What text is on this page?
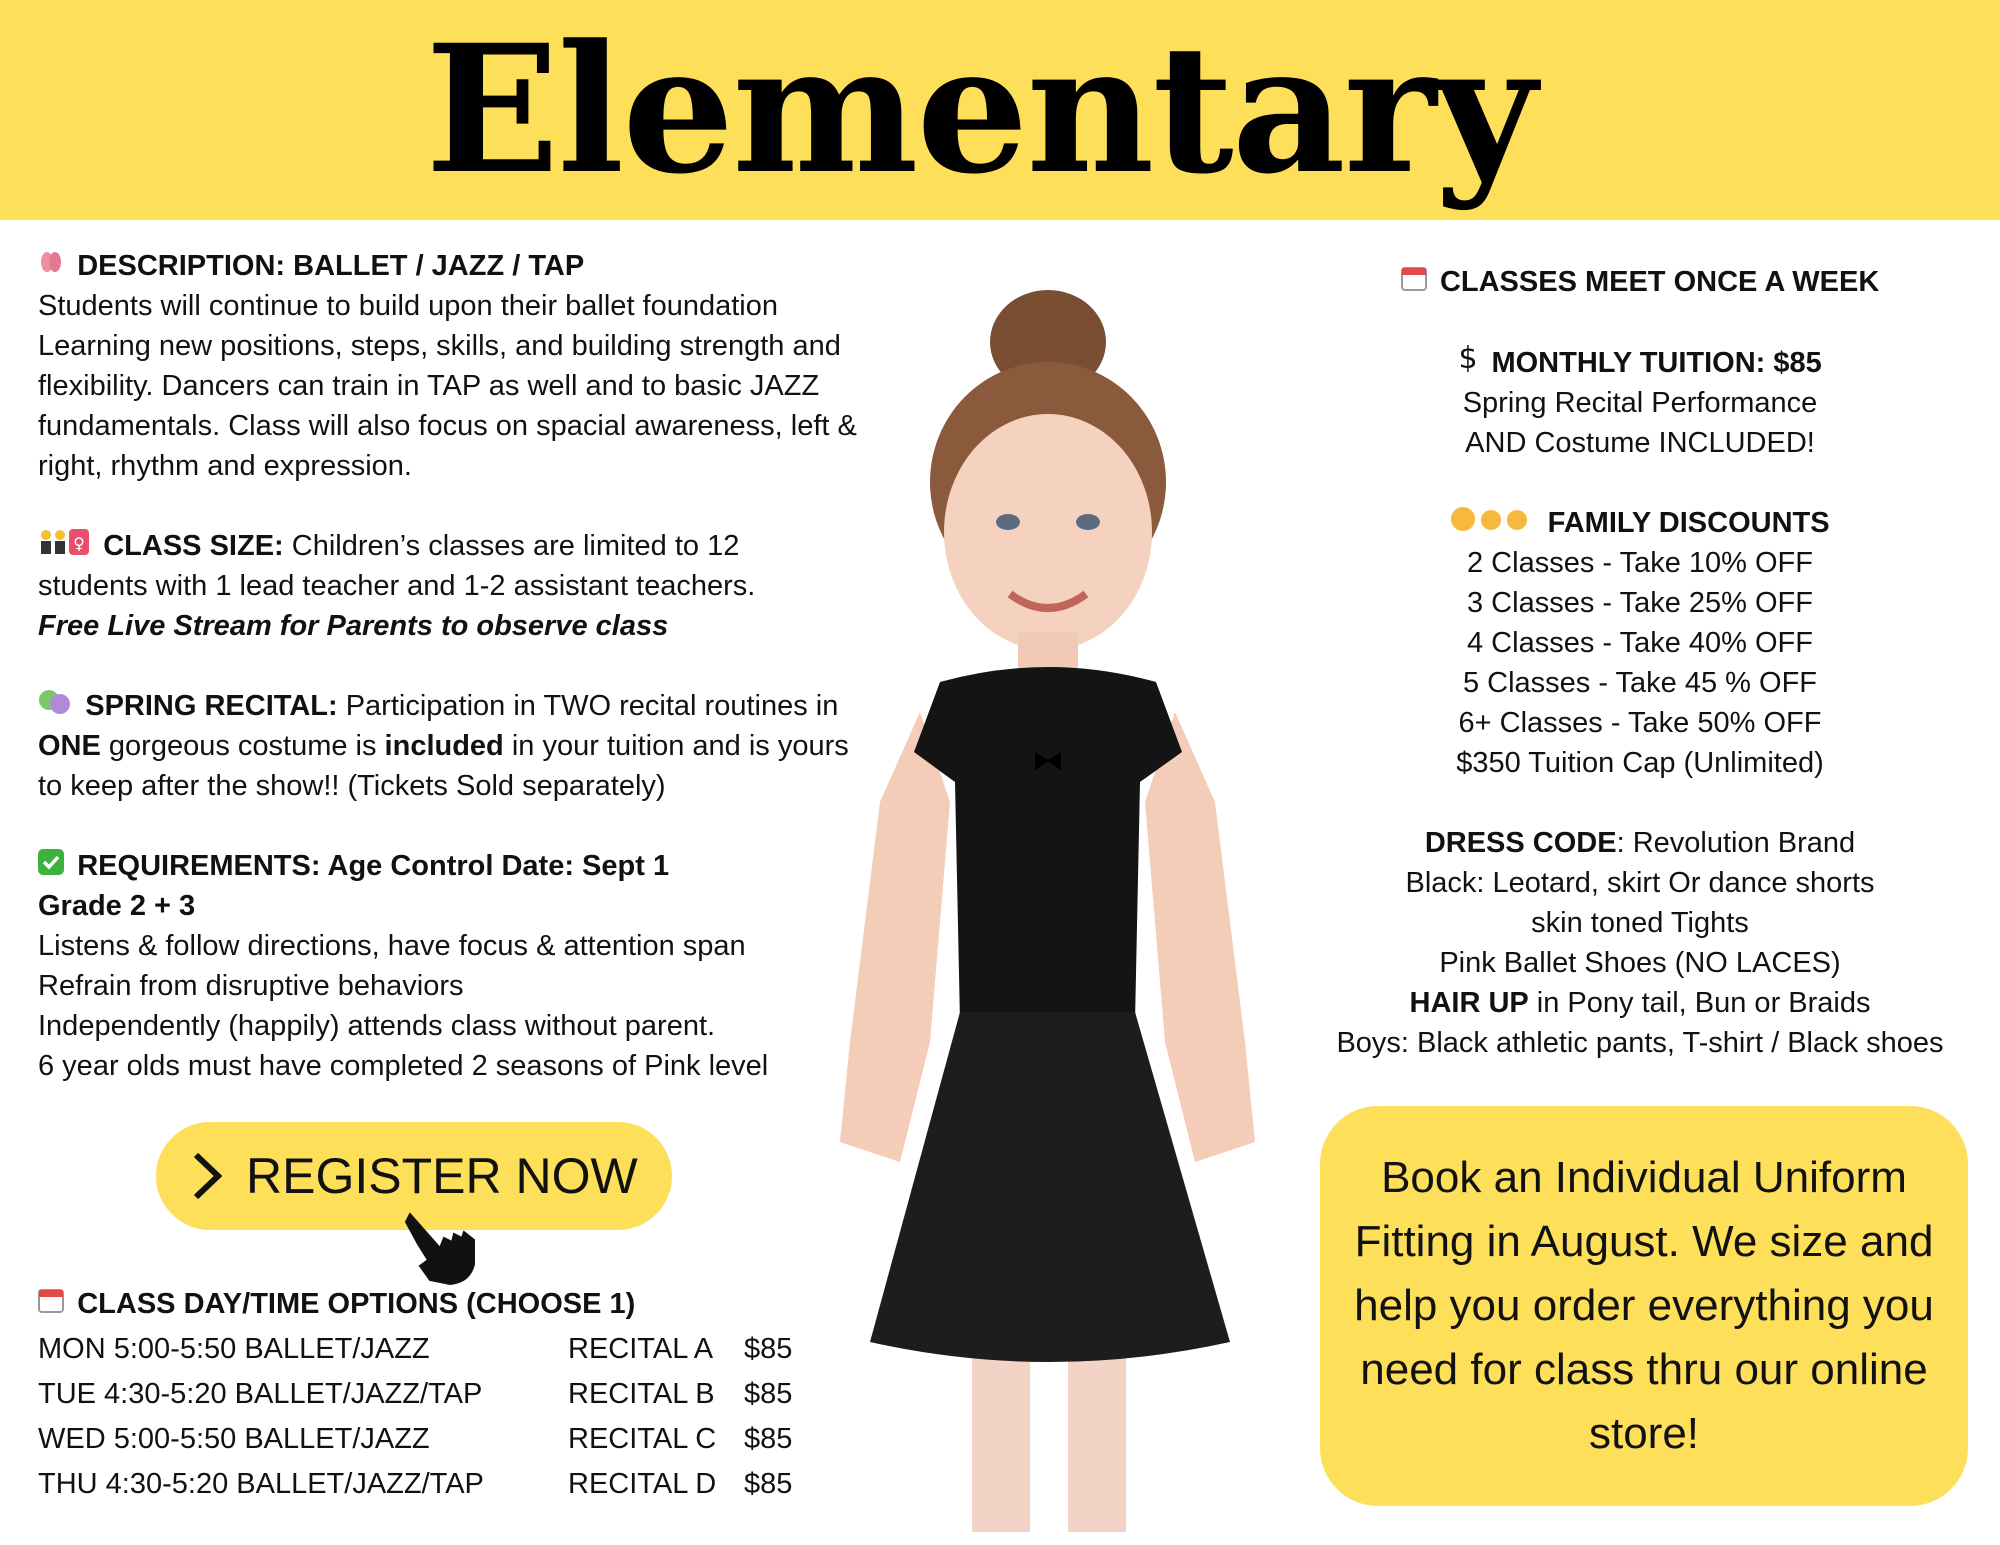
Elementary

DESCRIPTION: BALLET / JAZZ / TAP
Students will continue to build upon their ballet foundation
Learning new positions, steps, skills, and building strength and
flexibility. Dancers can train in TAP as well and to basic JAZZ
fundamentals. Class will also focus on spacial awareness, left &
right, rhythm and expression.

♀ CLASS SIZE: Children’s classes are limited to 12
students with 1 lead teacher and 1-2 assistant teachers.
Free Live Stream for Parents to observe class

SPRING RECITAL: Participation in TWO recital routines in
ONE gorgeous costume is included in your tuition and is yours
to keep after the show!! (Tickets Sold separately)

REQUIREMENTS: Age Control Date: Sept 1
Grade 2 + 3
Listens & follow directions, have focus & attention span
Refrain from disruptive behaviors
Independently (happily) attends class without parent.
6 year olds must have completed 2 seasons of Pink level

REGISTER NOW
CLASS DAY/TIME OPTIONS (CHOOSE 1)
MON 5:00-5:50 BALLET/JAZZ	RECITAL A	$85
TUE 4:30-5:20 BALLET/JAZZ/TAP	RECITAL B	$85
WED 5:00-5:50 BALLET/JAZZ	RECITAL C	$85
THU 4:30-5:20 BALLET/JAZZ/TAP	RECITAL D	$85
CLASSES MEET ONCE A WEEK
$ MONTHLY TUITION: $85
Spring Recital Performance
AND Costume INCLUDED!
FAMILY DISCOUNTS
2 Classes - Take 10% OFF
3 Classes - Take 25% OFF
4 Classes - Take 40% OFF
5 Classes - Take 45 % OFF
6+ Classes - Take 50% OFF
$350 Tuition Cap (Unlimited)
DRESS CODE: Revolution Brand
Black: Leotard, skirt Or dance shorts
skin toned Tights
Pink Ballet Shoes (NO LACES)
HAIR UP in Pony tail, Bun or Braids
Boys: Black athletic pants, T-shirt / Black shoes
Book an Individual Uniform Fitting in August. We size and help you order everything you need for class thru our online store!
